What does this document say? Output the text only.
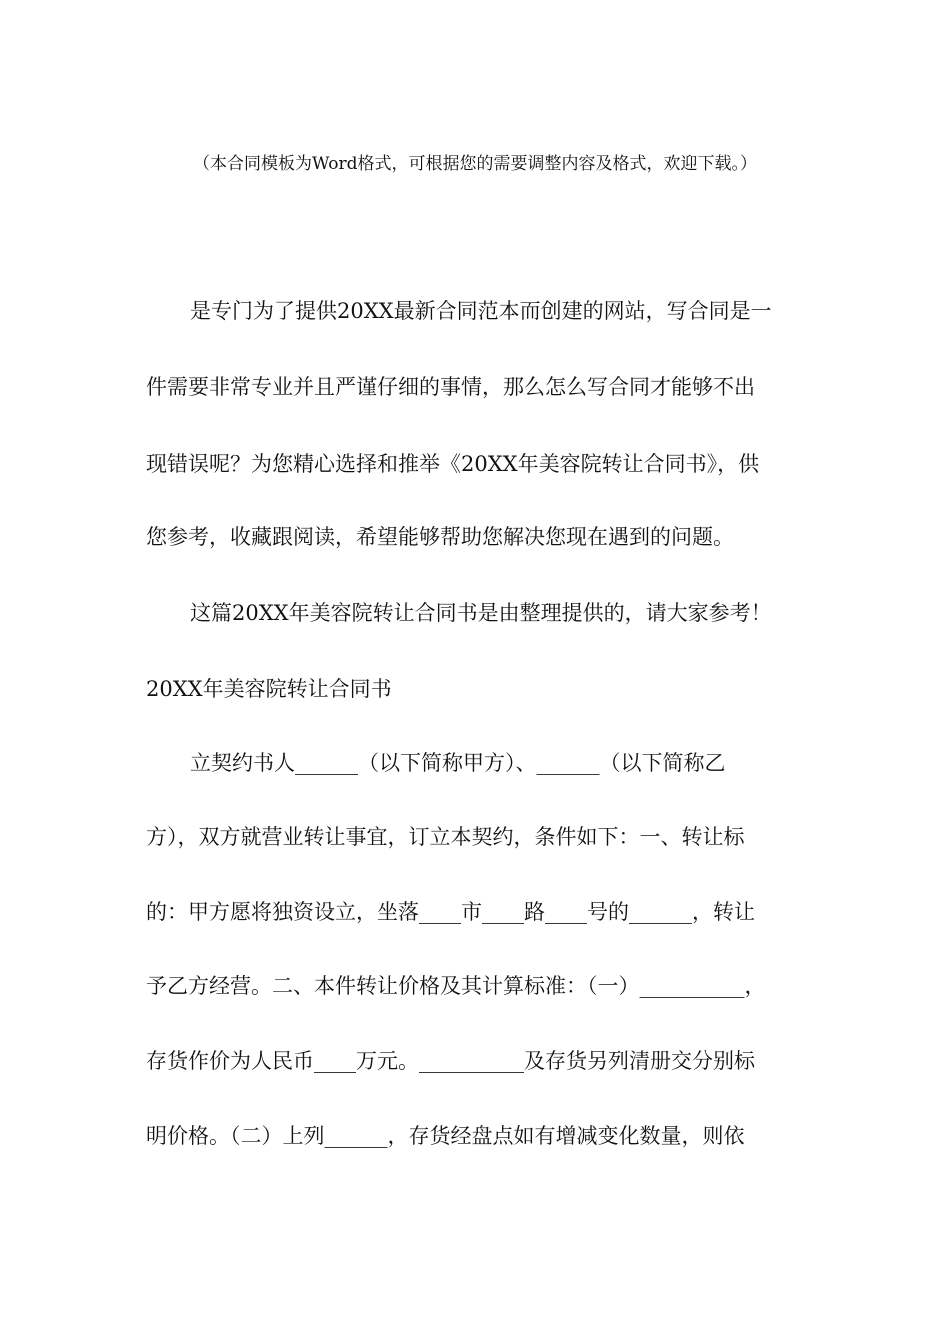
（本合同模板为Word格式，可根据您的需要调整内容及格式，欢迎下载。）
是专门为了提供20XX最新合同范本而创建的网站，写合同是一
件需要非常专业并且严谨仔细的事情，那么怎么写合同才能够不出
现错误呢？为您精心选择和推举《20XX年美容院转让合同书》，供
您参考，收藏跟阅读，希望能够帮助您解决您现在遇到的问题。
这篇20XX年美容院转让合同书是由整理提供的，请大家参考！
20XX年美容院转让合同书
立契约书人______（以下简称甲方）、______（以下简称乙
方），双方就营业转让事宜，订立本契约，条件如下：一、转让标
的：甲方愿将独资设立，坐落____市____路____号的______，转让
予乙方经营。二、本件转让价格及其计算标准：（一）__________，
存货作价为人民币____万元。__________及存货另列清册交分别标
明价格。（二）上列______，存货经盘点如有增减变化数量，则依
